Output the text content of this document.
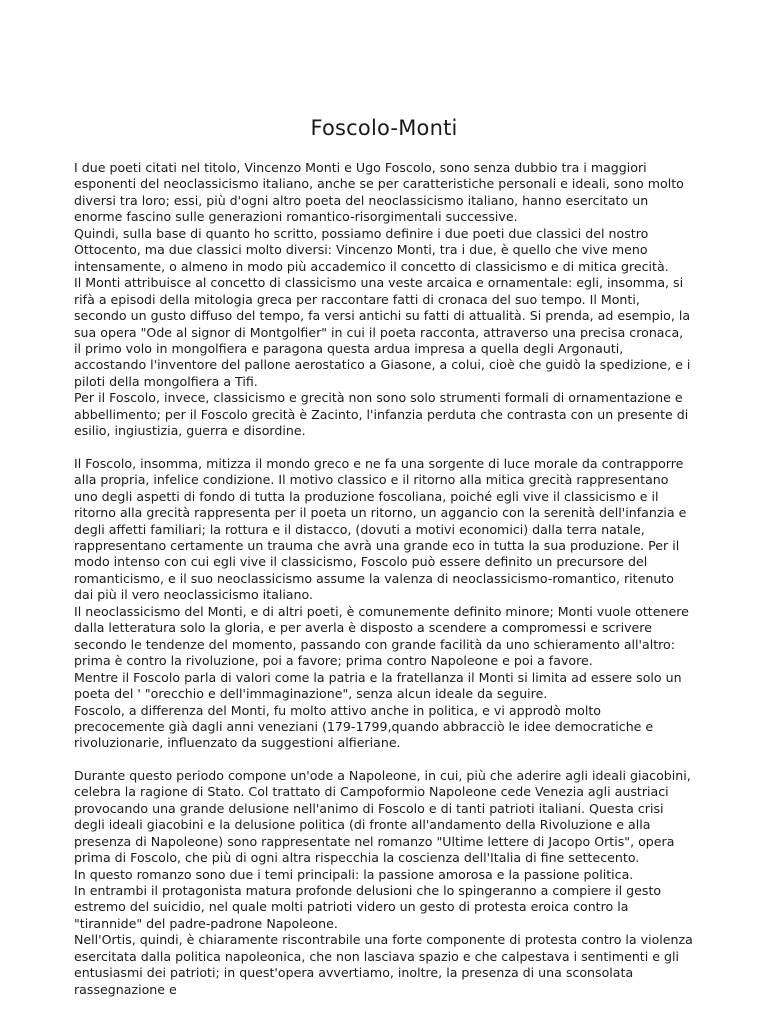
Foscolo-Monti

I due poeti citati nel titolo, Vincenzo Monti e Ugo Foscolo, sono senza dubbio tra i maggiori esponenti del neoclassicismo italiano, anche se per caratteristiche personali e ideali, sono molto diversi tra loro; essi, più d'ogni altro poeta del neoclassicismo italiano, hanno esercitato un enorme fascino sulle generazioni romantico-risorgimentali successive.

Quindi, sulla base di quanto ho scritto, possiamo definire i due poeti due classici del nostro Ottocento, ma due classici molto diversi: Vincenzo Monti, tra i due, è quello che vive meno intensamente, o almeno in modo più accademico il concetto di classicismo e di mitica grecità.

Il Monti attribuisce al concetto di classicismo una veste arcaica e ornamentale: egli, insomma, si rifà a episodi della mitologia greca per raccontare fatti di cronaca del suo tempo. Il Monti, secondo un gusto diffuso del tempo, fa versi antichi su fatti di attualità. Si prenda, ad esempio, la sua opera "Ode al signor di Montgolfier" in cui il poeta racconta, attraverso una precisa cronaca, il primo volo in mongolfiera e paragona questa ardua impresa a quella degli Argonauti, accostando l'inventore del pallone aerostatico a Giasone, a colui, cioè che guidò la spedizione, e i piloti della mongolfiera a Tifi.

Per il Foscolo, invece, classicismo e grecità non sono solo strumenti formali di ornamentazione e abbellimento; per il Foscolo grecità è Zacinto, l'infanzia perduta che contrasta con un presente di esilio, ingiustizia, guerra e disordine.

Il Foscolo, insomma, mitizza il mondo greco e ne fa una sorgente di luce morale da contrapporre alla propria, infelice condizione. Il motivo classico e il ritorno alla mitica grecità rappresentano uno degli aspetti di fondo di tutta la produzione foscoliana, poiché egli vive il classicismo e il ritorno alla grecità rappresenta per il poeta un ritorno, un aggancio con la serenità dell'infanzia e degli affetti familiari; la rottura e il distacco, (dovuti a motivi economici) dalla terra natale, rappresentano certamente un trauma che avrà una grande eco in tutta la sua produzione. Per il modo intenso con cui egli vive il classicismo, Foscolo può essere definito un precursore del romanticismo, e il suo neoclassicismo assume la valenza di neoclassicismo-romantico, ritenuto dai più il vero neoclassicismo italiano.

Il neoclassicismo del Monti, e di altri poeti, è comunemente definito minore; Monti vuole ottenere dalla letteratura solo la gloria, e per averla è disposto a scendere a compromessi e scrivere secondo le tendenze del momento, passando con grande facilità da uno schieramento all'altro: prima è contro la rivoluzione, poi a favore; prima contro Napoleone e poi a favore.

Mentre il Foscolo parla di valori come la patria e la fratellanza il Monti si limita ad essere solo un poeta del ' "orecchio e dell'immaginazione", senza alcun ideale da seguire.

Foscolo, a differenza del Monti, fu molto attivo anche in politica, e vi approdò molto precocemente già dagli anni veneziani (179-1799,quando abbracciò le idee democratiche e rivoluzionarie, influenzato da suggestioni alfieriane.

Durante questo periodo compone un'ode a Napoleone, in cui, più che aderire agli ideali giacobini, celebra la ragione di Stato. Col trattato di Campoformio Napoleone cede Venezia agli austriaci provocando una grande delusione nell'animo di Foscolo e di tanti patrioti italiani. Questa crisi degli ideali giacobini e la delusione politica (di fronte all'andamento della Rivoluzione e alla presenza di Napoleone) sono rappresentate nel romanzo "Ultime lettere di Jacopo Ortis", opera prima di Foscolo, che più di ogni altra rispecchia la coscienza dell'Italia di fine settecento.

In questo romanzo sono due i temi principali: la passione amorosa e la passione politica.

In entrambi il protagonista matura profonde delusioni che lo spingeranno a compiere il gesto estremo del suicidio, nel quale molti patrioti videro un gesto di protesta eroica contro la "tirannide" del padre-padrone Napoleone.

Nell'Ortis, quindi, è chiaramente riscontrabile una forte componente di protesta contro la violenza esercitata dalla politica napoleonica, che non lasciava spazio e che calpestava i sentimenti e gli entusiasmi dei patrioti; in quest'opera avvertiamo, inoltre, la presenza di una sconsolata rassegnazione e
